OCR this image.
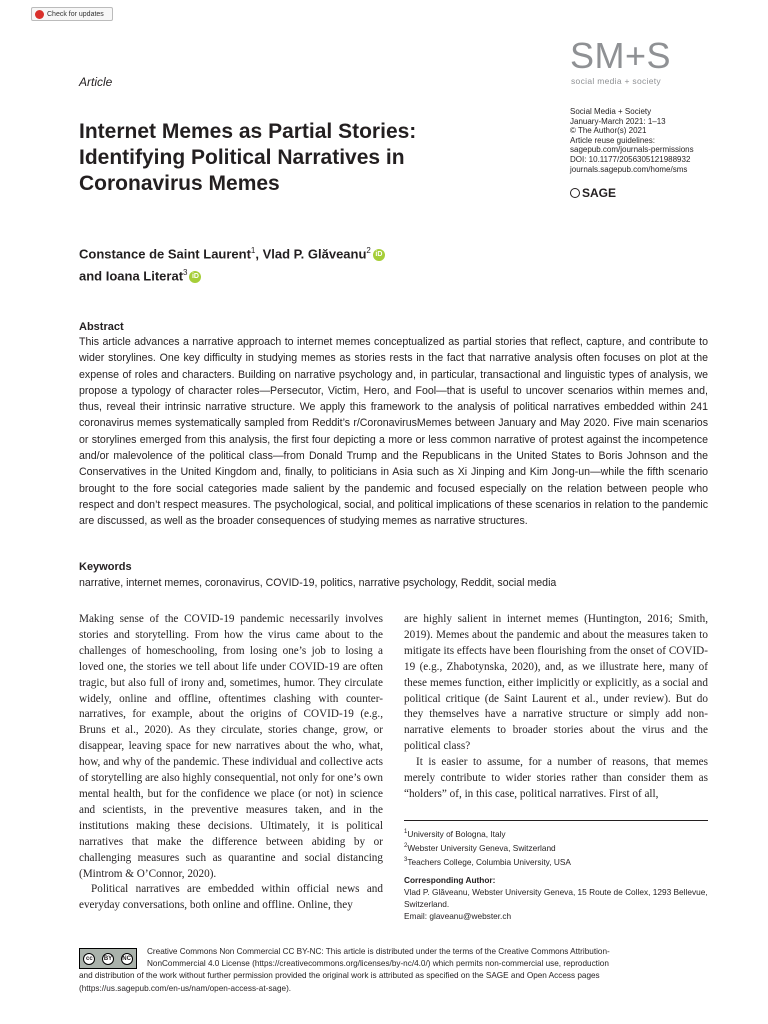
Check for updates
Article
SM+S
social media + society
Social Media + Society
January-March 2021: 1–13
© The Author(s) 2021
Article reuse guidelines:
sagepub.com/journals-permissions
DOI: 10.1177/2056305121988932
journals.sagepub.com/home/sms
SAGE
Internet Memes as Partial Stories: Identifying Political Narratives in Coronavirus Memes
Constance de Saint Laurent$^1$, Vlad P. Glăveanu$^2$ iD
and Ioana Literat$^3$ iD
Abstract
This article advances a narrative approach to internet memes conceptualized as partial stories that reflect, capture, and contribute to wider storylines. One key difficulty in studying memes as stories rests in the fact that narrative analysis often focuses on plot at the expense of roles and characters. Building on narrative psychology and, in particular, transactional and linguistic types of analysis, we propose a typology of character roles—Persecutor, Victim, Hero, and Fool—that is useful to uncover scenarios within memes and, thus, reveal their intrinsic narrative structure. We apply this framework to the analysis of political narratives embedded within 241 coronavirus memes systematically sampled from Reddit’s r/CoronavirusMemes between January and May 2020. Five main scenarios or storylines emerged from this analysis, the first four depicting a more or less common narrative of protest against the incompetence and/or malevolence of the political class—from Donald Trump and the Republicans in the United States to Boris Johnson and the Conservatives in the United Kingdom and, finally, to politicians in Asia such as Xi Jinping and Kim Jong-un—while the fifth scenario brought to the fore social categories made salient by the pandemic and focused especially on the relation between people who respect and don’t respect measures. The psychological, social, and political implications of these scenarios in relation to the pandemic are discussed, as well as the broader consequences of studying memes as narrative structures.
Keywords
narrative, internet memes, coronavirus, COVID-19, politics, narrative psychology, Reddit, social media

Making sense of the COVID-19 pandemic necessarily involves stories and storytelling. From how the virus came about to the challenges of homeschooling, from losing one’s job to losing a loved one, the stories we tell about life under COVID-19 are often tragic, but also full of irony and, sometimes, humor. They circulate widely, online and offline, oftentimes clashing with counter-narratives, for example, about the origins of COVID-19 (e.g., Bruns et al., 2020). As they circulate, stories change, grow, or disappear, leaving space for new narratives about the who, what, how, and why of the pandemic. These individual and collective acts of storytelling are also highly consequential, not only for one’s own mental health, but for the confidence we place (or not) in science and scientists, in the preventive measures taken, and in the institutions making these decisions. Ultimately, it is political narratives that make the difference between abiding by or challenging measures such as quarantine and social distancing (Mintrom & O’Connor, 2020).

Political narratives are embedded within official news and everyday conversations, both online and offline. Online, they

are highly salient in internet memes (Huntington, 2016; Smith, 2019). Memes about the pandemic and about the measures taken to mitigate its effects have been flourishing from the onset of COVID-19 (e.g., Zhabotynska, 2020), and, as we illustrate here, many of these memes function, either implicitly or explicitly, as a social and political critique (de Saint Laurent et al., under review). But do they themselves have a narrative structure or simply add non-narrative elements to broader stories about the virus and the political class?

It is easier to assume, for a number of reasons, that memes merely contribute to wider stories rather than consider them as “holders” of, in this case, political narratives. First of all,

$^1$University of Bologna, Italy
$^2$Webster University Geneva, Switzerland
$^3$Teachers College, Columbia University, USA
Corresponding Author:
Vlad P. Glăveanu, Webster University Geneva, 15 Route de Collex, 1293 Bellevue, Switzerland.
Email: glaveanu@webster.ch
Creative Commons Non Commercial CC BY-NC: This article is distributed under the terms of the Creative Commons Attribution-
NonCommercial 4.0 License (https://creativecommons.org/licenses/by-nc/4.0/) which permits non-commercial use, reproduction
and distribution of the work without further permission provided the original work is attributed as specified on the SAGE and Open Access pages
(https://us.sagepub.com/en-us/nam/open-access-at-sage).
cc	BY	NC
